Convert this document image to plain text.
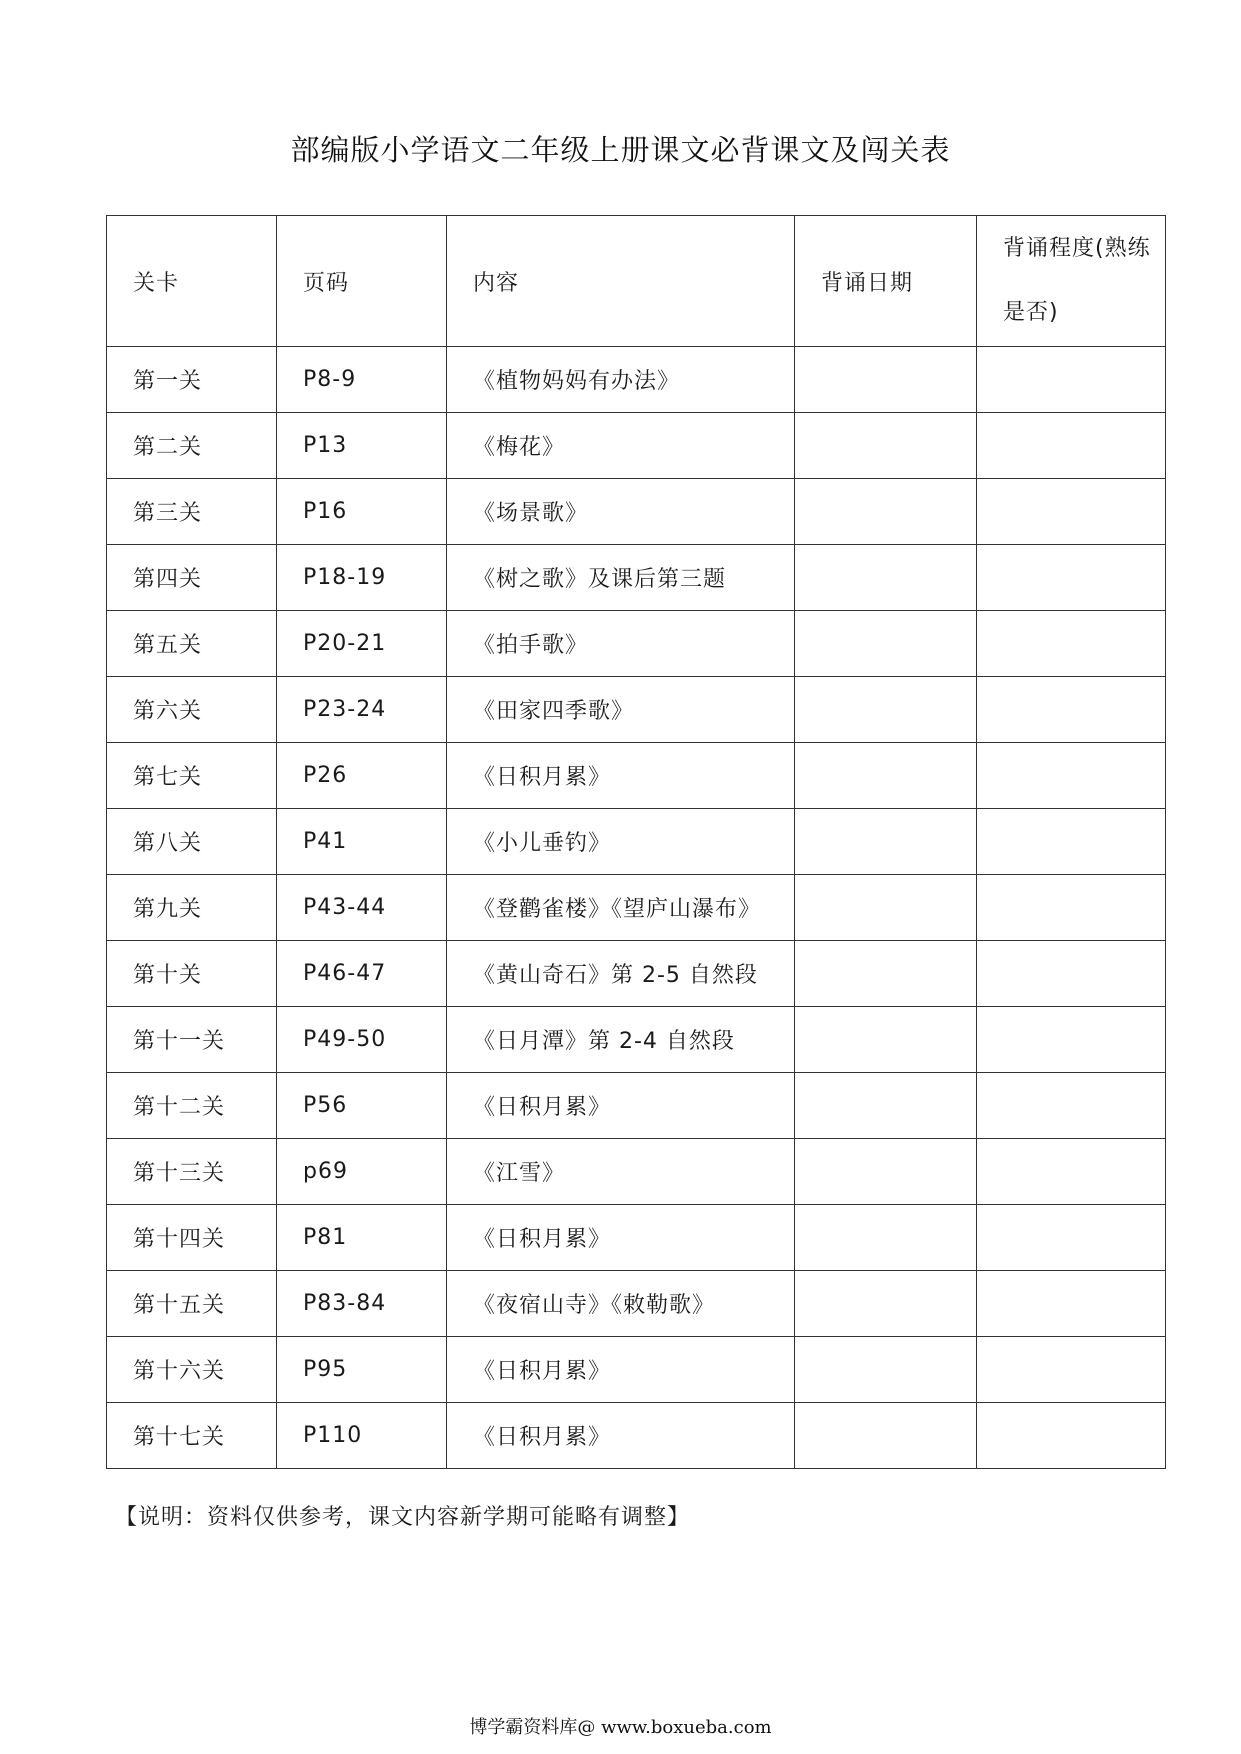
部编版小学语文二年级上册课文必背课文及闯关表
关卡	页码	内容	背诵日期	背诵程度(熟练是否)
第一关	P8-9	《植物妈妈有办法》		
第二关	P13	《梅花》		
第三关	P16	《场景歌》		
第四关	P18-19	《树之歌》及课后第三题		
第五关	P20-21	《拍手歌》		
第六关	P23-24	《田家四季歌》		
第七关	P26	《日积月累》		
第八关	P41	《小儿垂钓》		
第九关	P43-44	《登鹳雀楼》《望庐山瀑布》		
第十关	P46-47	《黄山奇石》第 2-5 自然段		
第十一关	P49-50	《日月潭》第 2-4 自然段		
第十二关	P56	《日积月累》		
第十三关	p69	《江雪》		
第十四关	P81	《日积月累》		
第十五关	P83-84	《夜宿山寺》《敕勒歌》		
第十六关	P95	《日积月累》		
第十七关	P110	《日积月累》		
【说明：资料仅供参考，课文内容新学期可能略有调整】
博学霸资料库@ www.boxueba.com
